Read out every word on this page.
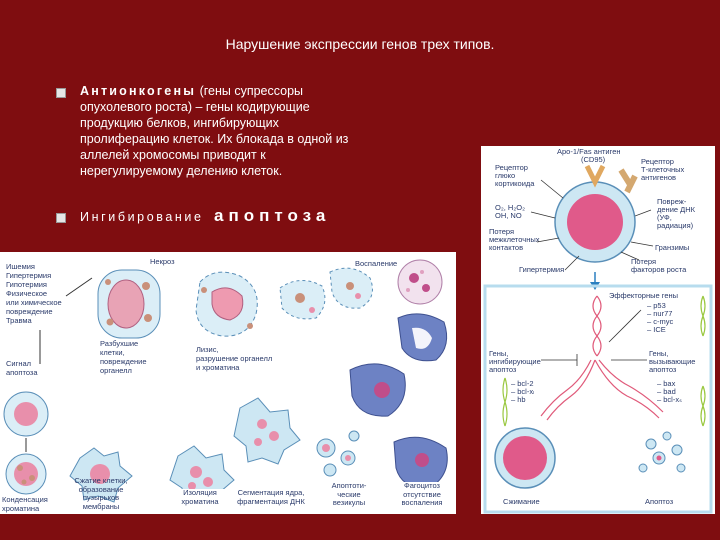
Нарушение экспрессии генов трех типов.
Антионкогены (гены супрессоры
опухолевого роста) – гены кодирующие
продукцию белков, ингибирующих
пролиферацию клеток. Их блокада в одной из
аллелей хромосомы приводит к
нерегулируемому делению клеток.
Ингибирование апоптоза
Ишемия
Гипертермия
Гипотермия
Физическое
или химическое
повреждение
Травма
Некроз	Воспаление
Разбухшие
клетки,
повреждение
органелл
Лизис,
разрушение органелл
и хроматина
Сигнал
апоптоза
Конденсация
хроматина
Сжатие клетки,
образование
пузырьков
мембраны
Изоляция
хроматина
Сегментация ядра,
фрагментация ДНК
Апоптоти-
ческие
везикулы
Фагоцитоз
отсутствие
воспаления
Apo-1/Fas антиген
(CD95)
Рецептор
глюко
кортикоида
Рецептор
Т-клеточных
антигенов
O₂, H₂O₂
OH, NO
Повреж-
дение ДНК
(УФ,
радиация)
Потеря
межклеточных
контактов	Гранзимы
Гипертермия
Потеря
факторов роста
Эффекторные гены
– p53
– nur77
– c-myc
– ICE
Гены,
ингибирующие
апоптоз
– bcl-2
– bcl-xₗ
– hb
Гены,
вызывающие
апоптоз
– bax
– bad
– bcl-xₛ
Сжимание	Апоптоз
